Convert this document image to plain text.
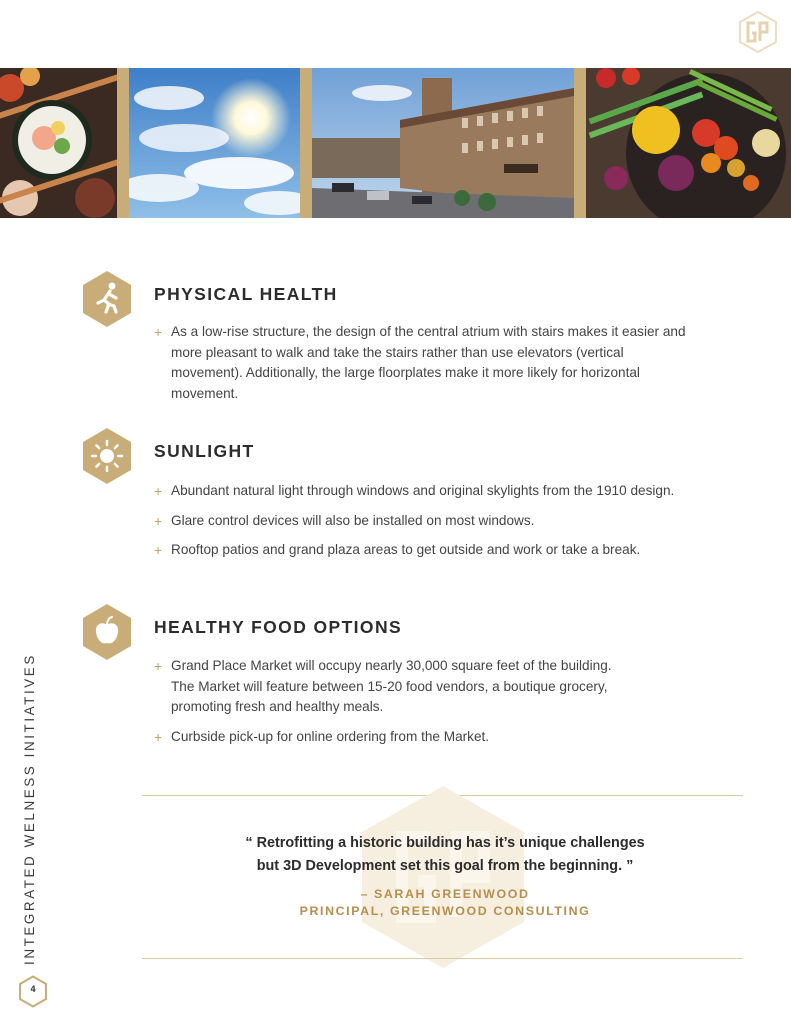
PHYSICAL HEALTH
+ As a low-rise structure, the design of the central atrium with stairs makes it easier and more pleasant to walk and take the stairs rather than use elevators (vertical movement). Additionally, the large floorplates make it more likely for horizontal movement.
SUNLIGHT
+ Abundant natural light through windows and original skylights from the 1910 design.
+ Glare control devices will also be installed on most windows.
+ Rooftop patios and grand plaza areas to get outside and work or take a break.
HEALTHY FOOD OPTIONS
+ Grand Place Market will occupy nearly 30,000 square feet of the building. The Market will feature between 15-20 food vendors, a boutique grocery, promoting fresh and healthy meals.
+ Curbside pick-up for online ordering from the Market.
“ Retrofitting a historic building has it’s unique challenges
but 3D Development set this goal from the beginning. ”
– SARAH GREENWOOD
PRINCIPAL, GREENWOOD CONSULTING
INTEGRATED WELNESS INITIATIVES
4
